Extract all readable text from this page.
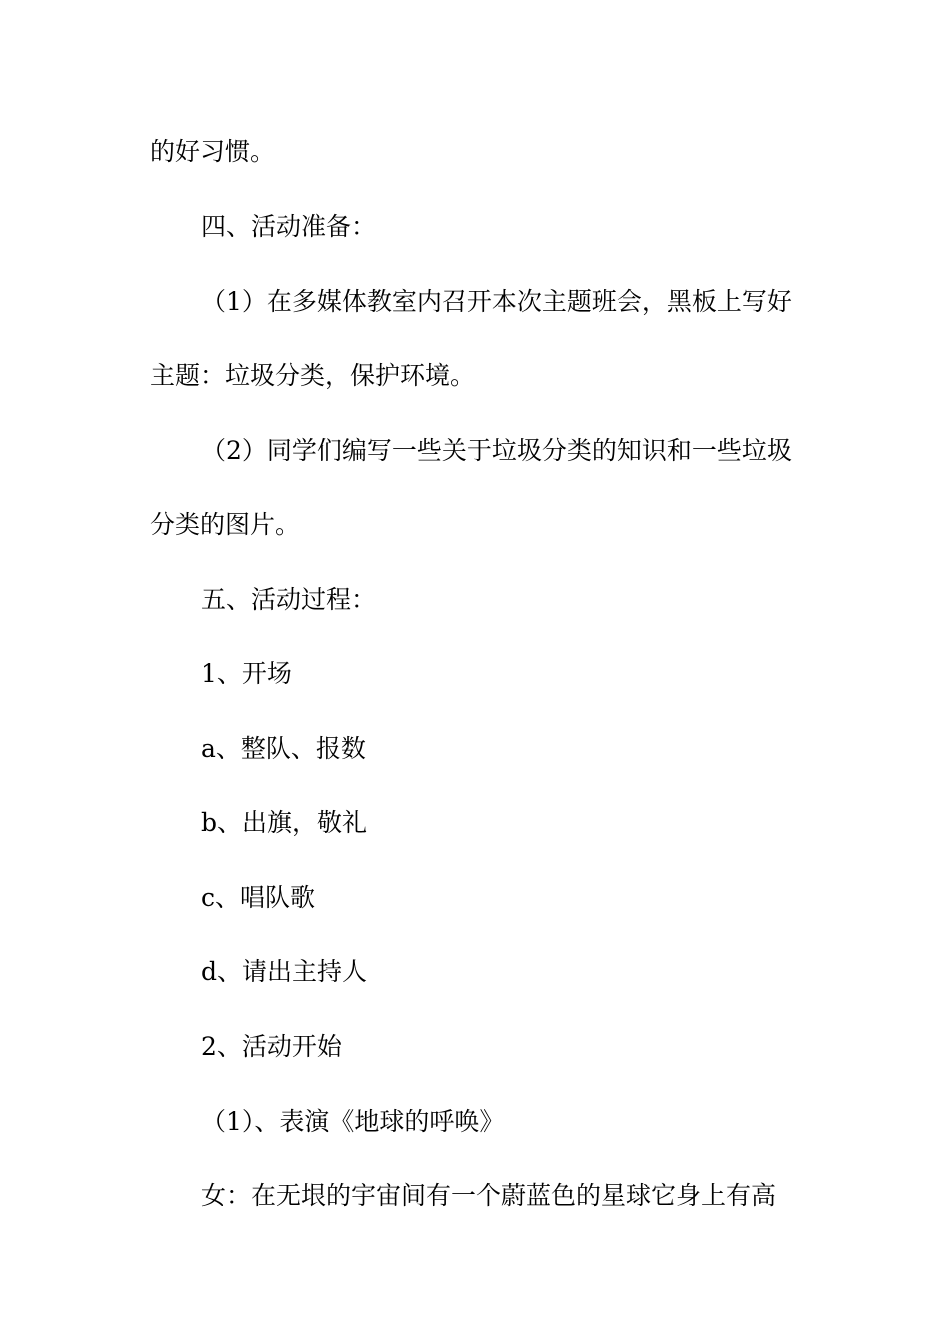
的好习惯。
四、活动准备：
（1）在多媒体教室内召开本次主题班会，黑板上写好
主题：垃圾分类，保护环境。
（2）同学们编写一些关于垃圾分类的知识和一些垃圾
分类的图片。
五、活动过程：
1、开场
a、整队、报数
b、出旗，敬礼
c、唱队歌
d、请出主持人
2、活动开始
（1）、表演《地球的呼唤》
女：在无垠的宇宙间有一个蔚蓝色的星球它身上有高
